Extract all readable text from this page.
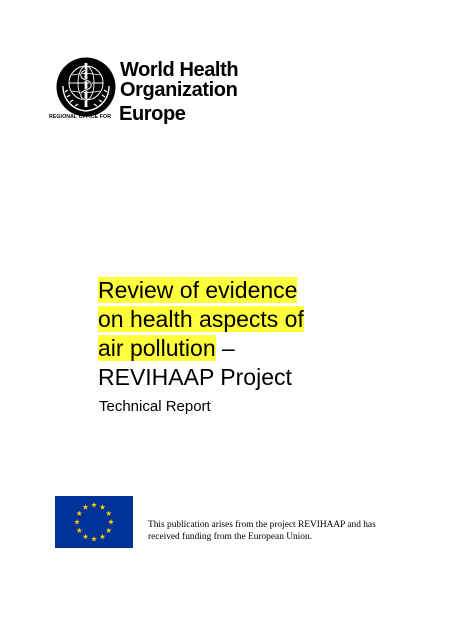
World Health
Organization
REGIONAL OFFICE FOR Europe
Review of evidence
on health aspects of
air pollution –
REVIHAAP Project
Technical Report
This publication arises from the project REVIHAAP and has
received funding from the European Union.
